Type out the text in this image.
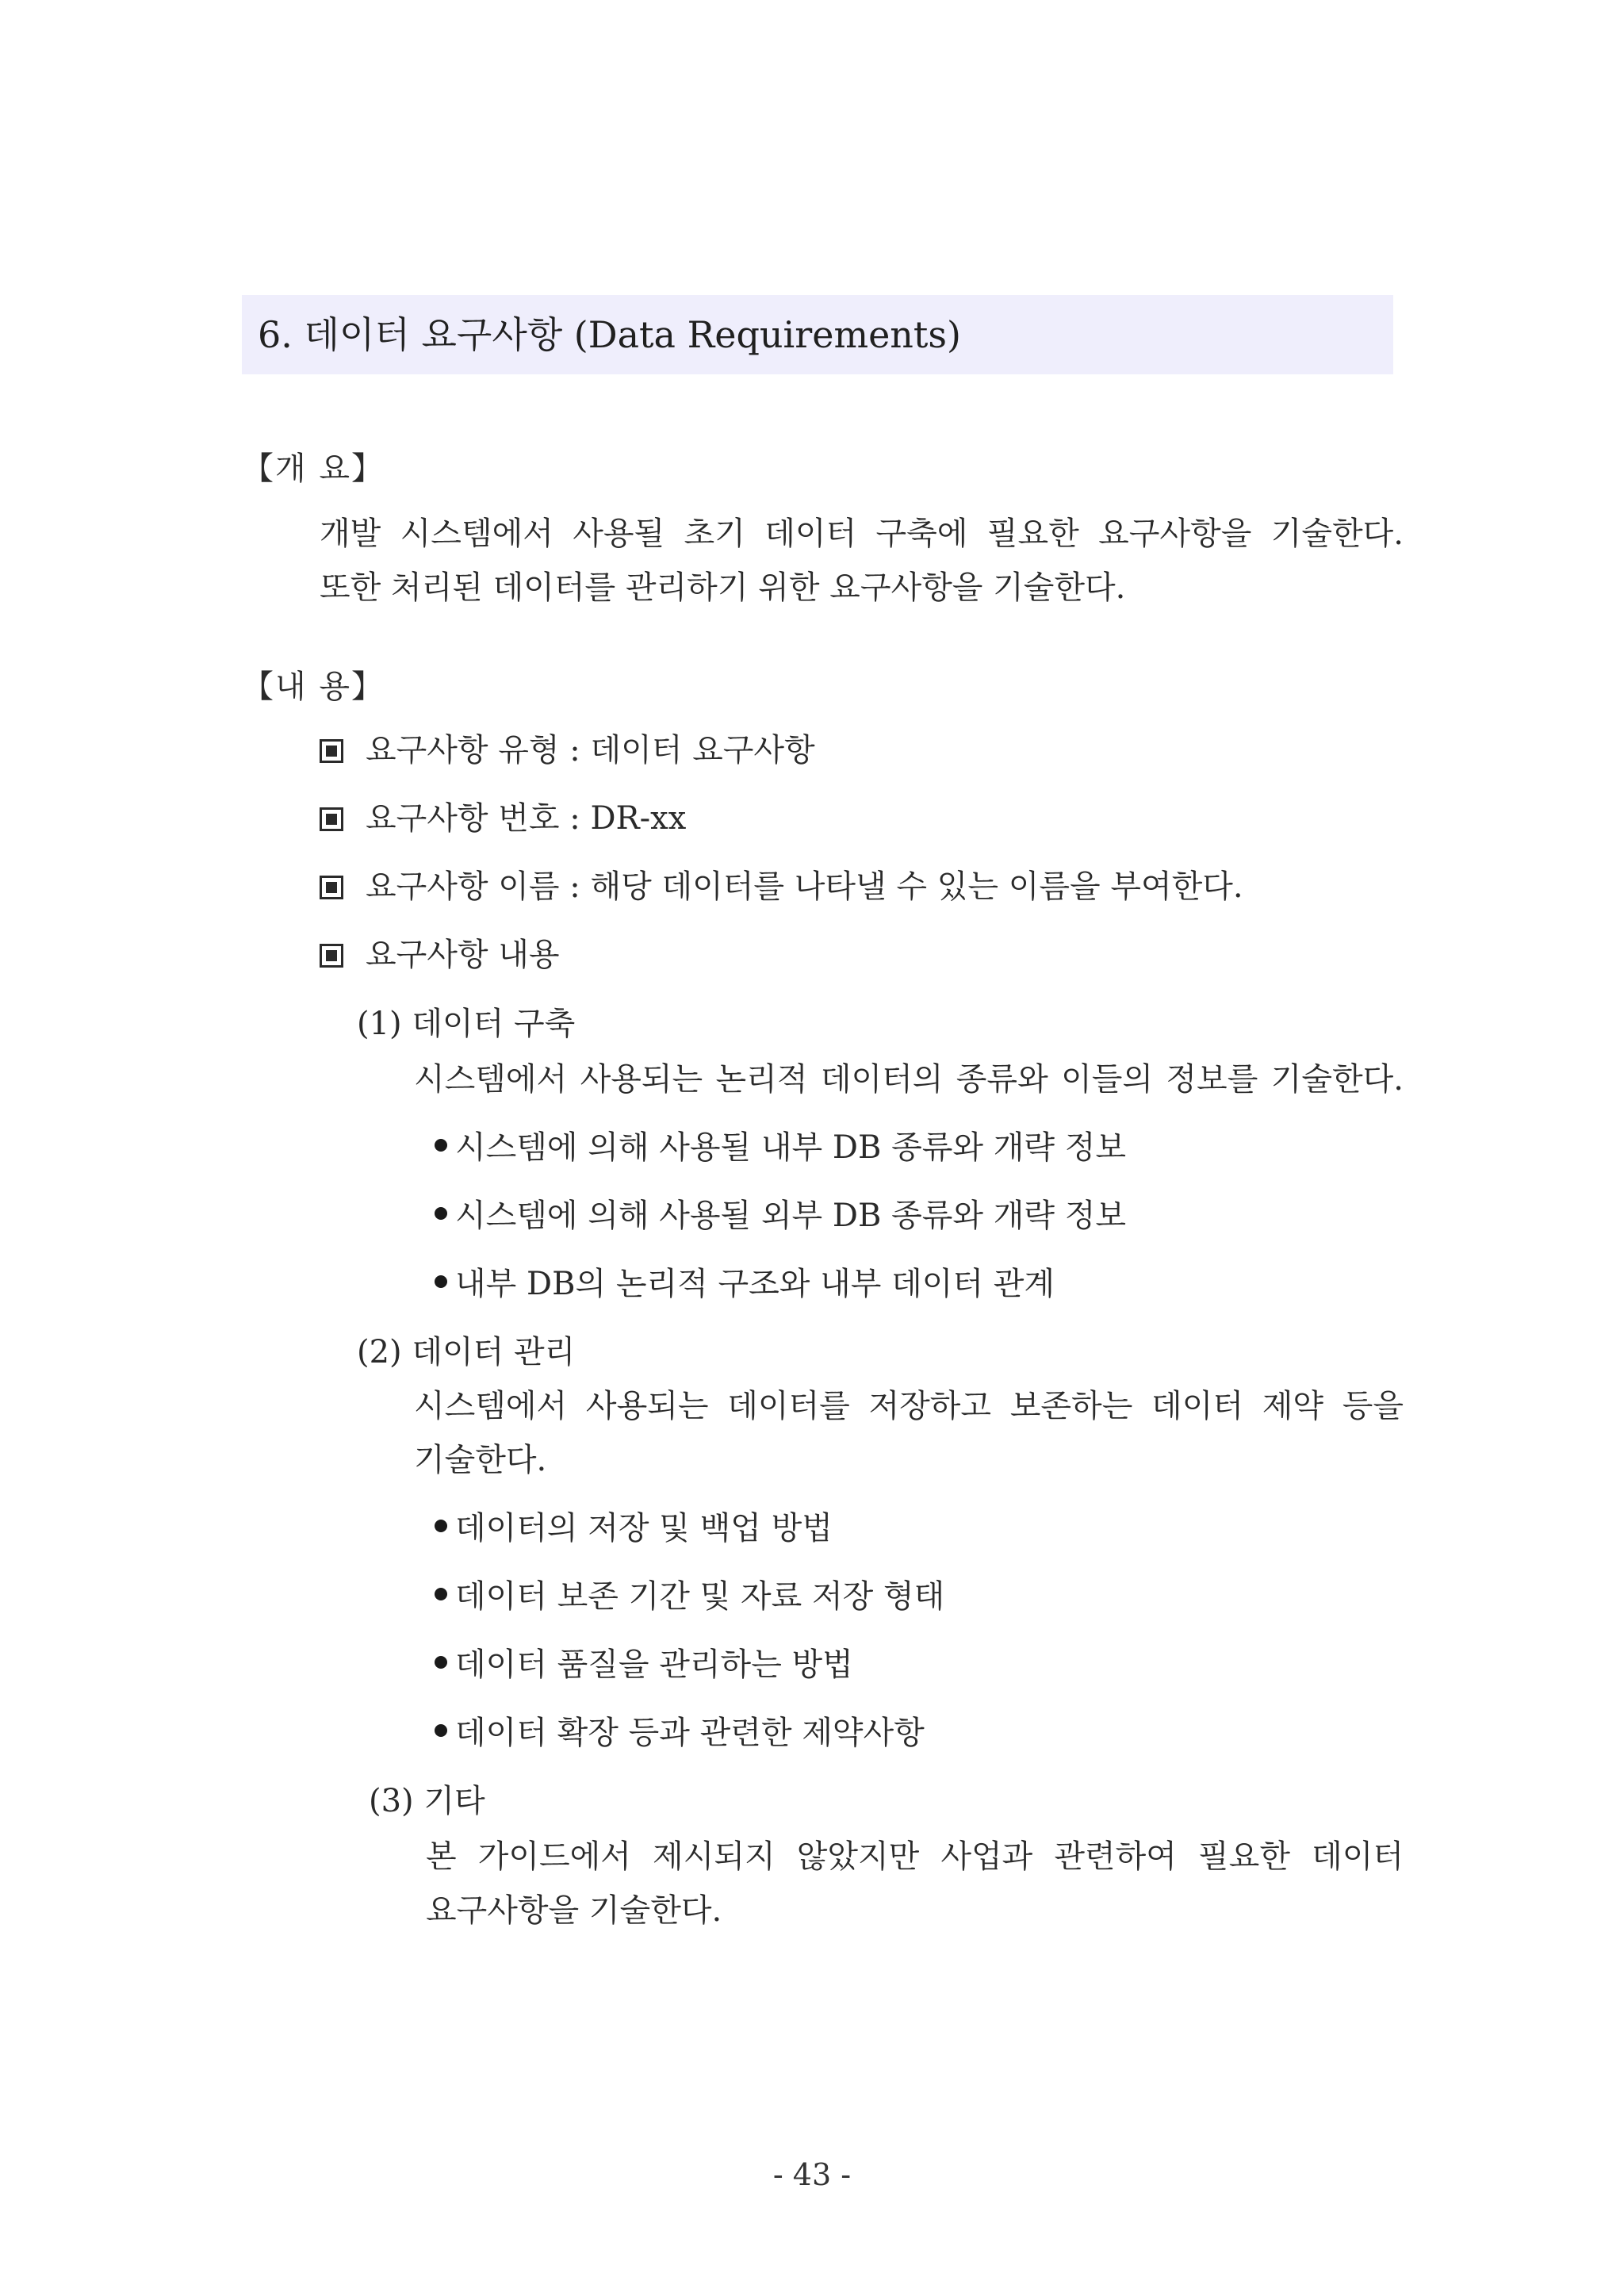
6. 데이터 요구사항 (Data Requirements)
【개 요】
개발 시스템에서 사용될 초기 데이터 구축에 필요한 요구사항을 기술한다.
또한 처리된 데이터를 관리하기 위한 요구사항을 기술한다.
【내 용】
요구사항 유형 : 데이터 요구사항
요구사항 번호 : DR-xx
요구사항 이름 : 해당 데이터를 나타낼 수 있는 이름을 부여한다.
요구사항 내용
(1) 데이터 구축
시스템에서 사용되는 논리적 데이터의 종류와 이들의 정보를 기술한다.
시스템에 의해 사용될 내부 DB 종류와 개략 정보
시스템에 의해 사용될 외부 DB 종류와 개략 정보
내부 DB의 논리적 구조와 내부 데이터 관계
(2) 데이터 관리
시스템에서 사용되는 데이터를 저장하고 보존하는 데이터 제약 등을
기술한다.
데이터의 저장 및 백업 방법
데이터 보존 기간 및 자료 저장 형태
데이터 품질을 관리하는 방법
데이터 확장 등과 관련한 제약사항
(3) 기타
본 가이드에서 제시되지 않았지만 사업과 관련하여 필요한 데이터
요구사항을 기술한다.
- 43 -
